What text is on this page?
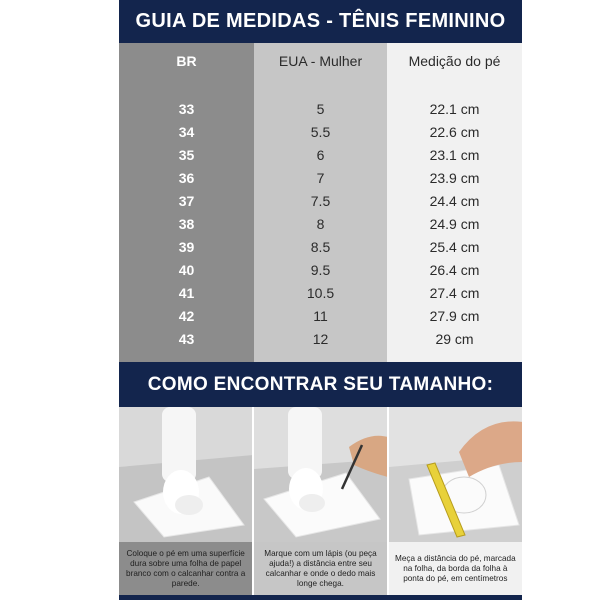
GUIA DE MEDIDAS - TÊNIS FEMININO
BR
33
34
35
36
37
38
39
40
41
42
43
EUA - Mulher
5
5.5
6
7
7.5
8
8.5
9.5
10.5
11
12
Medição do pé
22.1 cm
22.6 cm
23.1 cm
23.9 cm
24.4 cm
24.9 cm
25.4 cm
26.4 cm
27.4 cm
27.9 cm
29 cm
COMO ENCONTRAR SEU TAMANHO:
Coloque o pé em uma superfície dura sobre uma folha de papel branco com o calcanhar contra a parede.
Marque com um lápis (ou peça ajuda!) a distância entre seu calcanhar e onde o dedo mais longe chega.
Meça a distância do pé, marcada na folha, da borda da folha à ponta do pé, em centímetros
